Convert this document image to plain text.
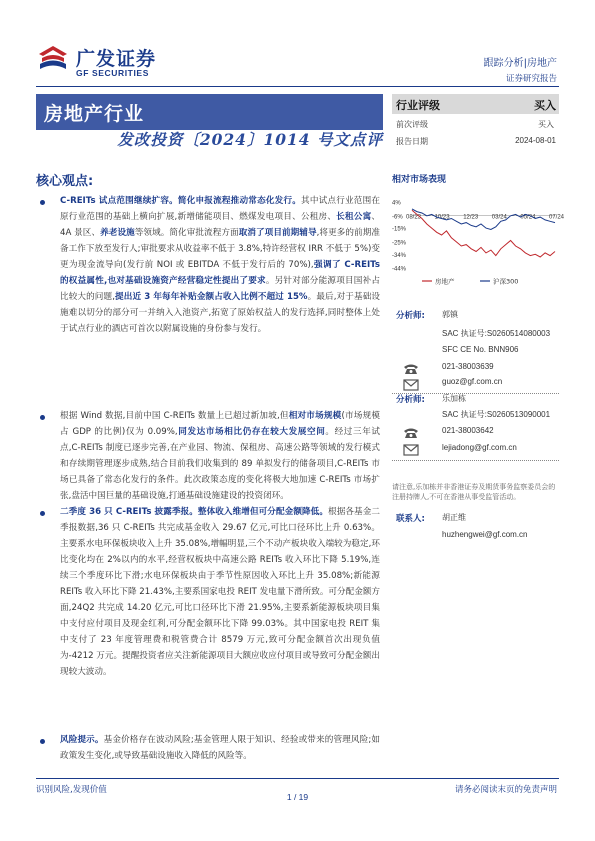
广发证券
GF SECURITIES
跟踪分析|房地产
证券研究报告
房地产行业
发改投资〔2024〕1014 号文点评
行业评级	买入
前次评级	买入
报告日期	2024-08-01
核心观点:
C-REITs 试点范围继续扩容。简化申报流程推动常态化发行。其中试点行业范围在原行业范围的基础上横向扩展,新增储能项目、燃煤发电项目、公租房、长租公寓、4A 景区、养老设施等领域。简化审批流程方面取消了项目前期辅导,将更多的前期准备工作下放至发行人;审批要求从收益率不低于 3.8%,特许经营权 IRR 不低于 5%)变更为现金流导向(发行前 NOI 或 EBITDA 不低于发行后的 70%),强调了 C-REITs 的权益属性,也对基础设施资产经营稳定性提出了要求。另针对部分能源项目国补占比较大的问题,提出近 3 年每年补贴金额占收入比例不超过 15%。最后,对于基础设施难以切分的部分可一并纳入入池资产,拓宽了原始权益人的发行选择,同时整体上处于试点行业的酒店可首次以附属设施的身份参与发行。
根据 Wind 数据,目前中国 C-REITs 数量上已超过新加坡,但相对市场规模(市场规模占 GDP 的比例)仅为 0.09%,同发达市场相比仍存在较大发展空间。经过三年试点,C-REITs 制度已逐步完善,在产业园、物流、保租房、高速公路等领域的发行模式和存续期管理逐步成熟,结合目前我们收集到的 89 单拟发行的储备项目,C-REITs 市场已具备了常态化发行的条件。此次政策态度的变化将极大地加速 C-REITs 市场扩张,盘活中国巨量的基础设施,打通基础设施建设的投资闭环。
二季度 36 只 C-REITs 披露季报。整体收入维增但可分配金额降低。根据各基金二季报数据,36 只 C-REITs 共完成基金收入 29.67 亿元,可比口径环比上升 0.63%。主要系水电环保板块收入上升 35.08%,增幅明显,三个不动产板块收入端较为稳定,环比变化均在 2%以内的水平,经营权板块中高速公路 REITs 收入环比下降 5.19%,连续三个季度环比下滑;水电环保板块由于季节性原因收入环比上升 35.08%;新能源 REITs 收入环比下降 21.43%,主要系国家电投 REIT 发电量下滑所致。可分配金额方面,24Q2 共完成 14.20 亿元,可比口径环比下滑 21.95%,主要系新能源板块项目集中支付应付项目及现金红利,可分配金额环比下降 99.03%。其中国家电投 REIT 集中支付了 23 年度管理费和税管费合计 8579 万元,致可分配金额首次出现负值为-4212 万元。提醒投资者应关注新能源项目大额应收应付项目或导致可分配金额出现较大波动。
风险提示。基金价格存在波动风险;基金管理人限于知识、经验或带来的管理风险;如政策发生变化,或导致基础设施收入降低的风险等。
相对市场表现
4%
-6%
-15%
-25%
-34%
-44%
08/23 10/23 12/23 03/24 05/24 07/24
房地产	沪深300
分析师: 郭镇
SAC 执证号:S0260514080003
SFC CE No. BNN906
021-38003639
guoz@gf.com.cn
分析师: 乐加栋
SAC 执证号:S0260513090001
021-38003642
lejiadong@gf.com.cn
请注意,乐加栋并非香港证券及期货事务监察委员会的注册持牌人,不可在香港从事受监管活动。
联系人: 胡正维
huzhengwei@gf.com.cn
识别风险,发现价值	请务必阅读末页的免责声明
1 / 19
